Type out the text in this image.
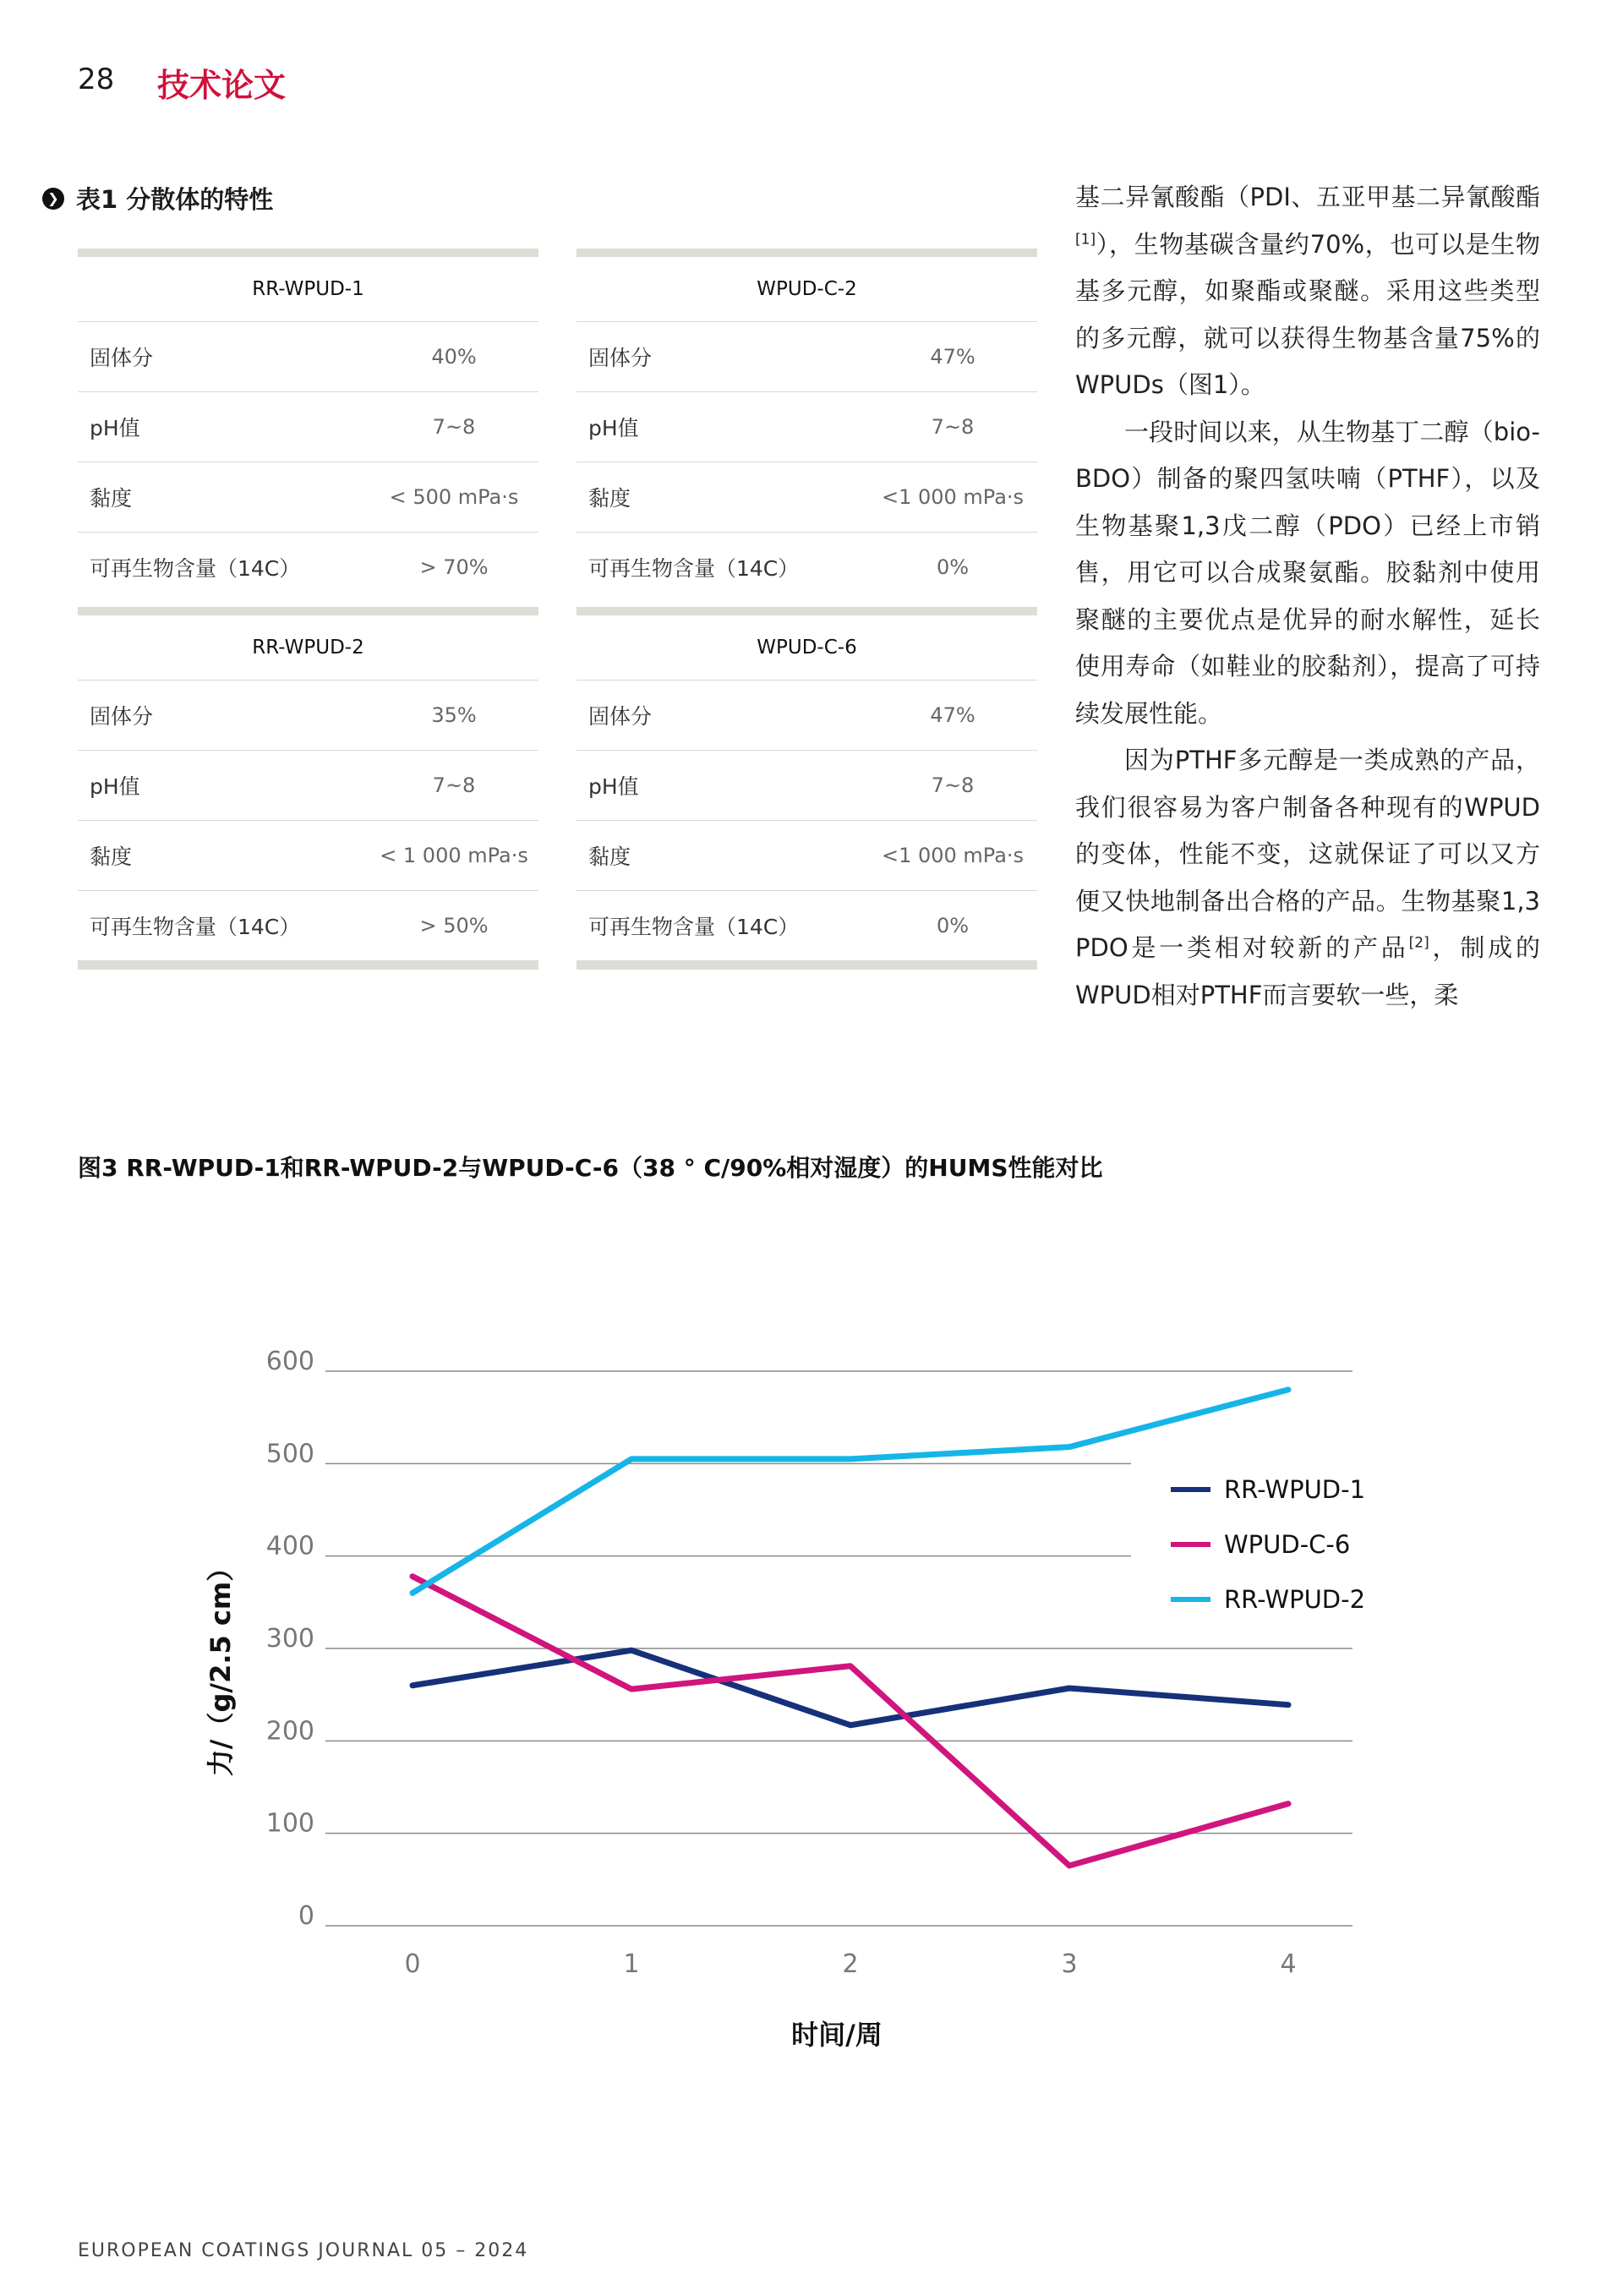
28 技术论文
❯ 表1 分散体的特性
RR-WPUD-1
固体分	40%
pH值	7~8
黏度	< 500 mPa·s
可再生物含量（14C）	> 70%
WPUD-C-2
固体分	47%
pH值	7~8
黏度	<1 000 mPa·s
可再生物含量（14C）	0%
RR-WPUD-2
固体分	35%
pH值	7~8
黏度	< 1 000 mPa·s
可再生物含量（14C）	> 50%
WPUD-C-6
固体分	47%
pH值	7~8
黏度	<1 000 mPa·s
可再生物含量（14C）	0%

基二异氰酸酯（PDI、五亚甲基二异氰酸酯[1]），生物基碳含量约70%，也可以是生物基多元醇，如聚酯或聚醚。采用这些类型的多元醇，就可以获得生物基含量75%的WPUDs（图1）。

一段时间以来，从生物基丁二醇（bio-BDO）制备的聚四氢呋喃（PTHF），以及生物基聚1,3戊二醇（PDO）已经上市销售，用它可以合成聚氨酯。胶黏剂中使用聚醚的主要优点是优异的耐水解性，延长使用寿命（如鞋业的胶黏剂），提高了可持续发展性能。

因为PTHF多元醇是一类成熟的产品，我们很容易为客户制备各种现有的WPUD的变体，性能不变，这就保证了可以又方便又快地制备出合格的产品。生物基聚1,3 PDO是一类相对较新的产品[2]，制成的WPUD相对PTHF而言要软一些，柔

图3 RR-WPUD-1和RR-WPUD-2与WPUD-C-6（38 ° C/90%相对湿度）的HUMS性能对比
0
100
200
300
400
500
600
0	1	2	3	4
RR-WPUD-1
WPUD-C-6
RR-WPUD-2
力/（g/2.5 cm）
时间/周
EUROPEAN COATINGS JOURNAL 05 – 2024
